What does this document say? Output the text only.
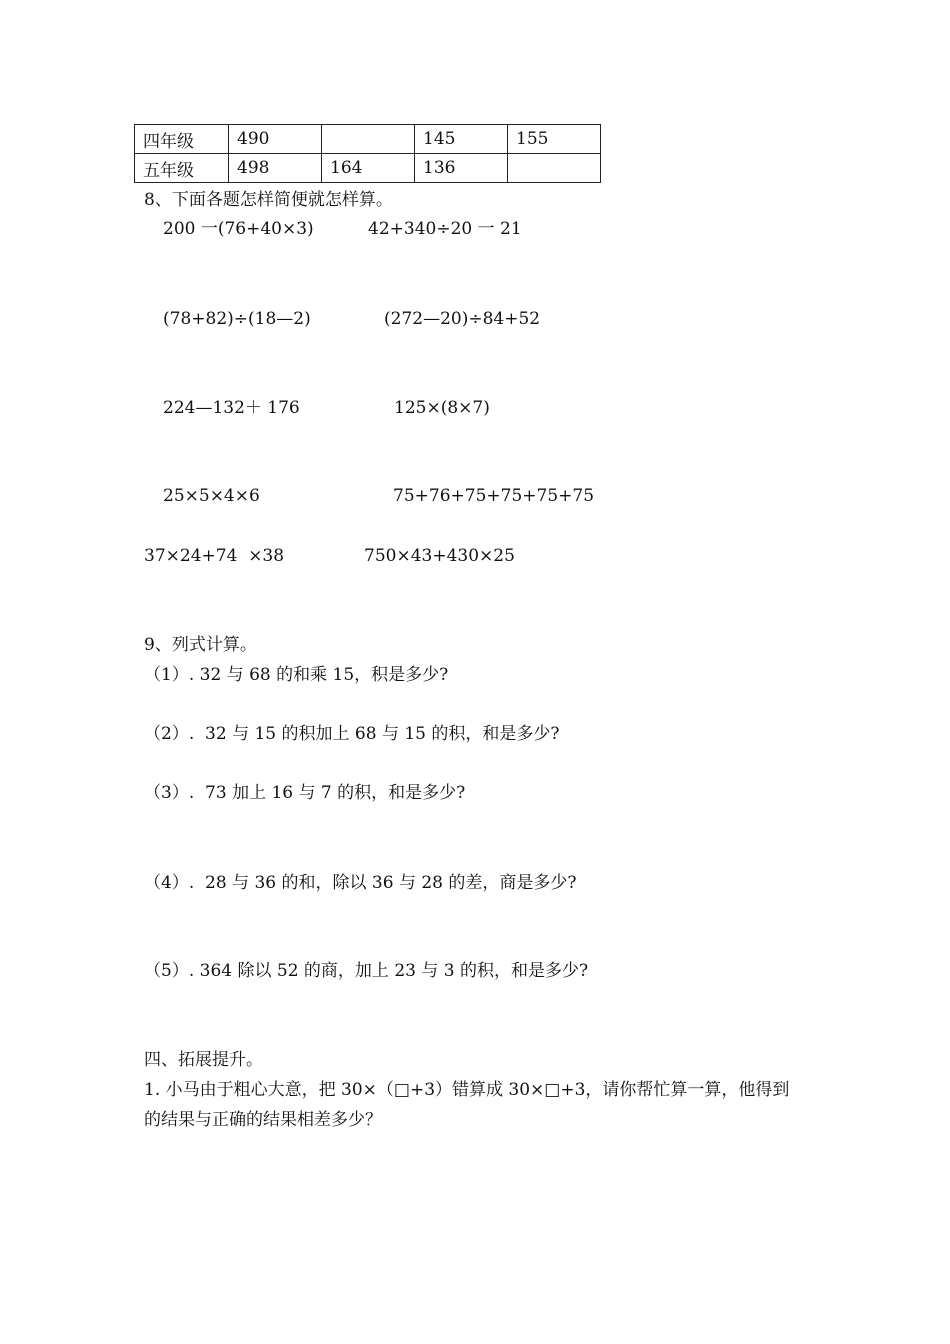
四年级	490		145	155
五年级	498	164	136	
8、下面各题怎样简便就怎样算。
200 一(76+40×3)	42+340÷20 一 21
(78+82)÷(18—2)	(272—20)÷84+52
224—132＋ 176	125×(8×7)
25×5×4×6	75+76+75+75+75+75
37×24+74  ×38	750×43+430×25
9、列式计算。
（1）. 32 与 68 的和乘 15，积是多少?
（2）.  32 与 15 的积加上 68 与 15 的积，和是多少?
（3）.  73 加上 16 与 7 的积，和是多少?
（4）.  28 与 36 的和，除以 36 与 28 的差，商是多少?
（5）. 364 除以 52 的商，加上 23 与 3 的积，和是多少?
四、拓展提升。
1. 小马由于粗心大意，把 30×（□+3）错算成 30×□+3，请你帮忙算一算，他得到
的结果与正确的结果相差多少？
